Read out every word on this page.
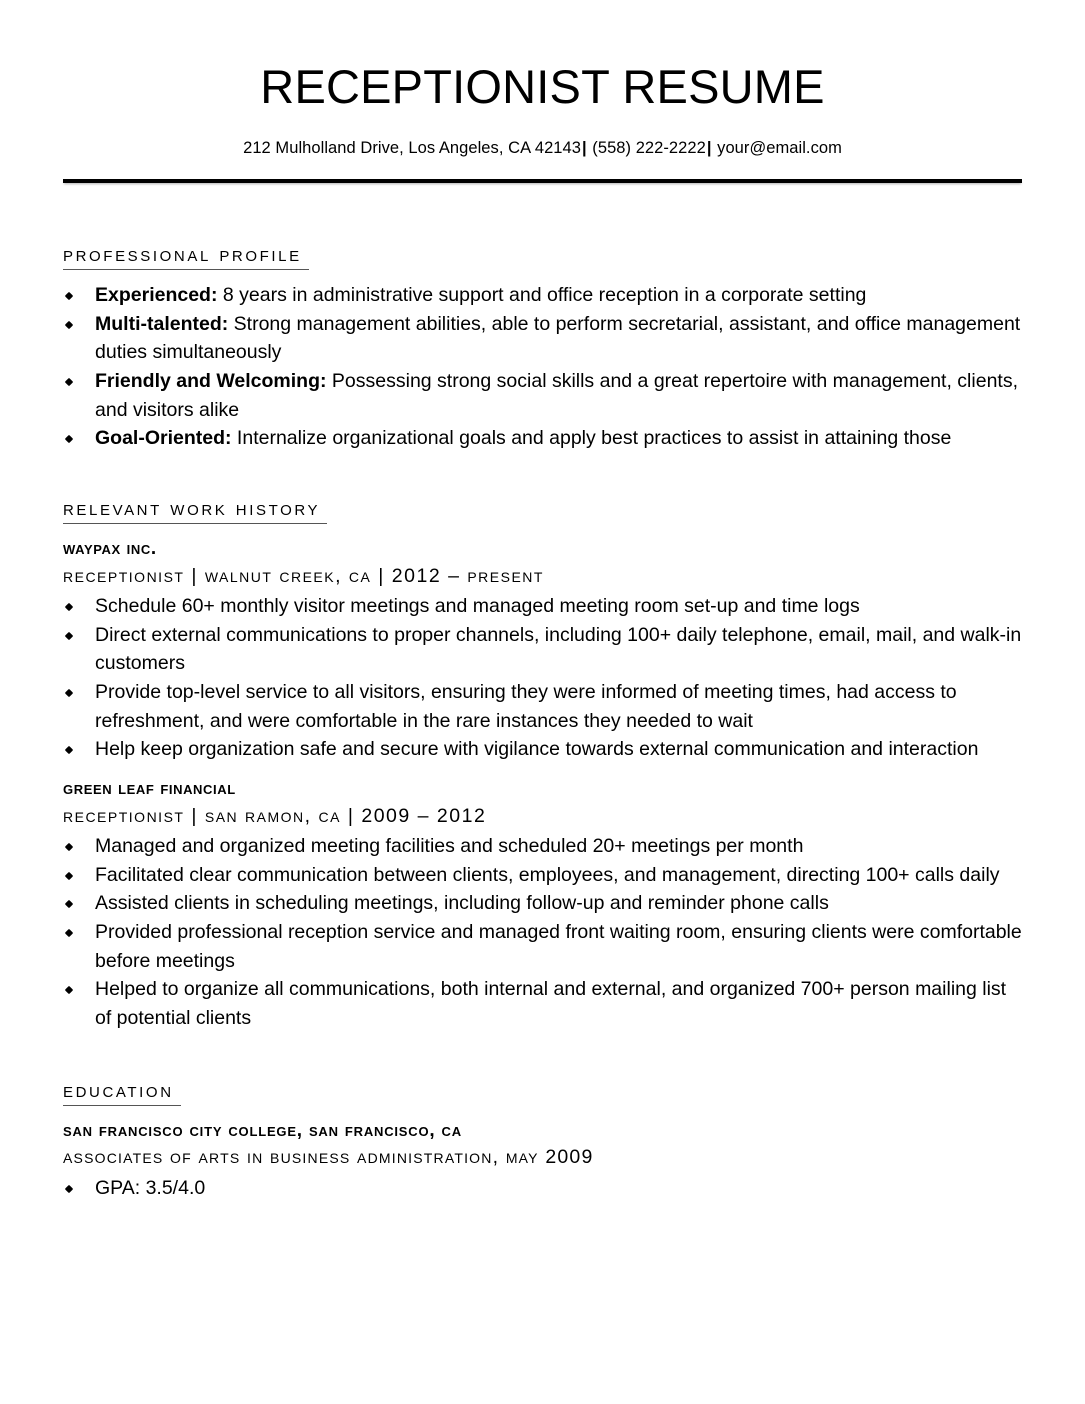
RECEPTIONIST RESUME
212 Mulholland Drive, Los Angeles, CA 42143| (558) 222-2222| your@email.com
professional profile
Experienced: 8 years in administrative support and office reception in a corporate setting
Multi-talented: Strong management abilities, able to perform secretarial, assistant, and office management duties simultaneously
Friendly and Welcoming: Possessing strong social skills and a great repertoire with management, clients, and visitors alike
Goal-Oriented: Internalize organizational goals and apply best practices to assist in attaining those
relevant work history
waypax inc.
receptionist | walnut creek, ca | 2012 – present
Schedule 60+ monthly visitor meetings and managed meeting room set-up and time logs
Direct external communications to proper channels, including 100+ daily telephone, email, mail, and walk-in customers
Provide top-level service to all visitors, ensuring they were informed of meeting times, had access to refreshment, and were comfortable in the rare instances they needed to wait
Help keep organization safe and secure with vigilance towards external communication and interaction
green leaf financial
receptionist | san ramon, ca | 2009 – 2012
Managed and organized meeting facilities and scheduled 20+ meetings per month
Facilitated clear communication between clients, employees, and management, directing 100+ calls daily
Assisted clients in scheduling meetings, including follow-up and reminder phone calls
Provided professional reception service and managed front waiting room, ensuring clients were comfortable before meetings
Helped to organize all communications, both internal and external, and organized 700+ person mailing list of potential clients
education
san francisco city college, san francisco, ca
associates of arts in business administration, may 2009
GPA: 3.5/4.0
